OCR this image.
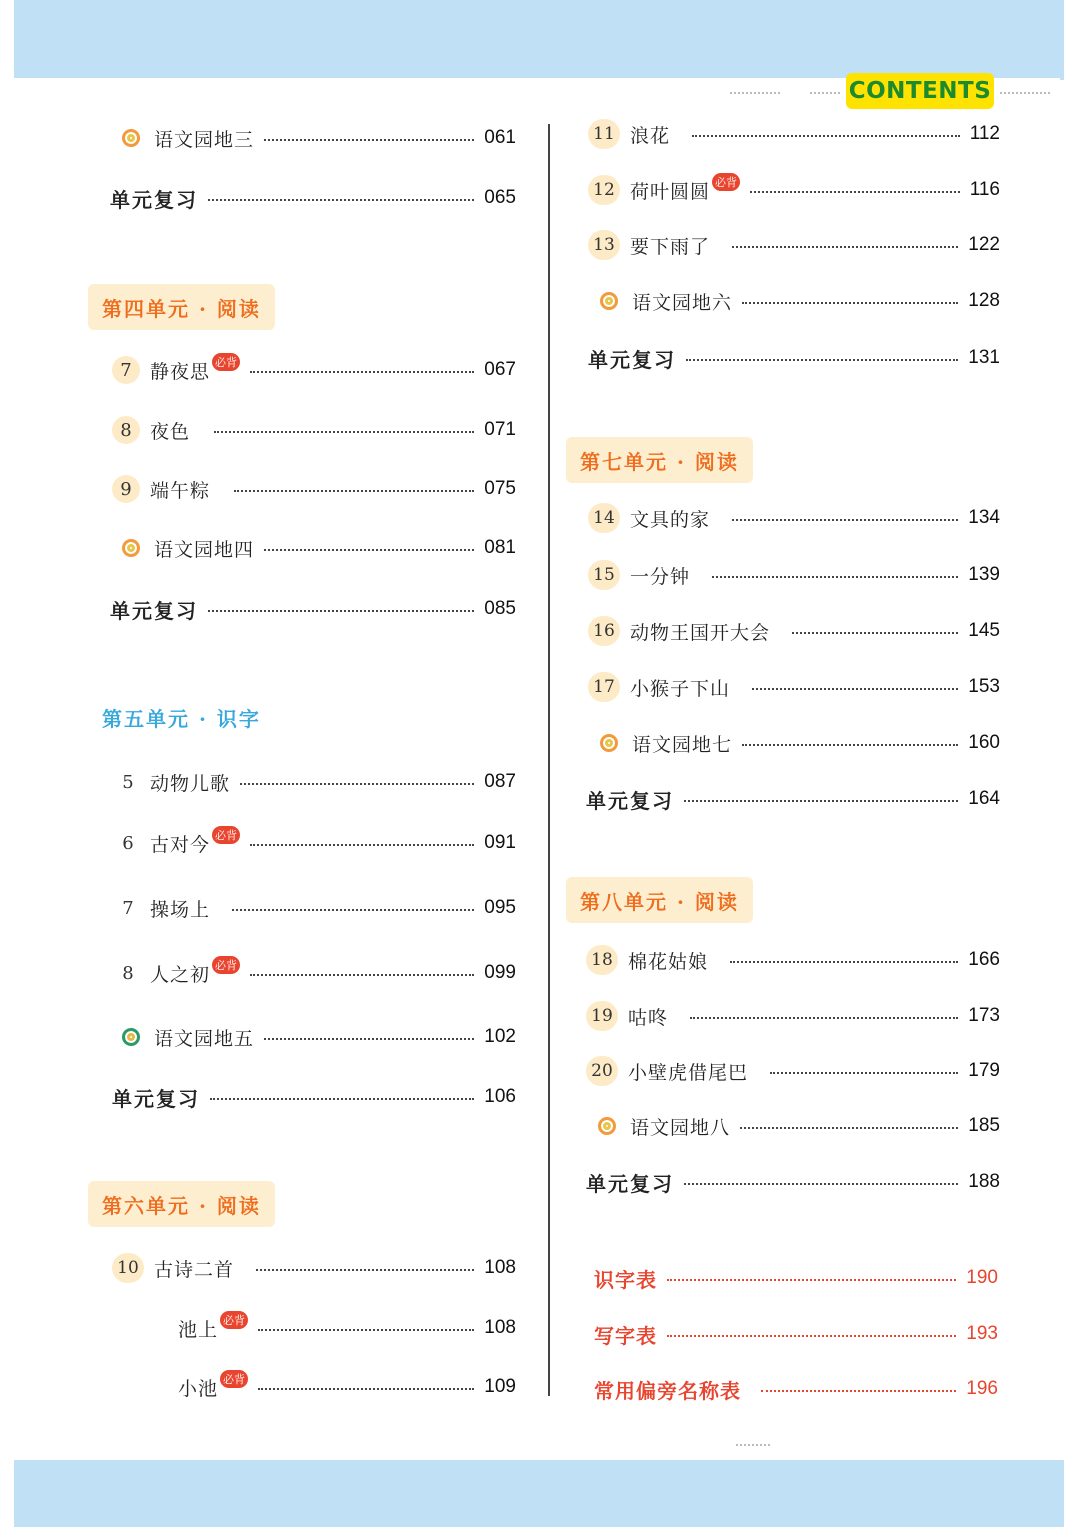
CONTENTS
语文园地三	061
单元复习	065
第四单元 · 阅读
7 静夜思 必背	067
8 夜色	071
9 端午粽	075
语文园地四	081
单元复习	085
第五单元 · 识字
5 动物儿歌	087
6 古对今 必背	091
7 操场上	095
8 人之初 必背	099
语文园地五	102
单元复习	106
第六单元 · 阅读
10 古诗二首	108
池上 必背	108
小池 必背	109
11 浪花	112
12 荷叶圆圆 必背	116
13 要下雨了	122
语文园地六	128
单元复习	131
第七单元 · 阅读
14 文具的家	134
15 一分钟	139
16 动物王国开大会	145
17 小猴子下山	153
语文园地七	160
单元复习	164
第八单元 · 阅读
18 棉花姑娘	166
19 咕咚	173
20 小壁虎借尾巴	179
语文园地八	185
单元复习	188
识字表	190
写字表	193
常用偏旁名称表	196
